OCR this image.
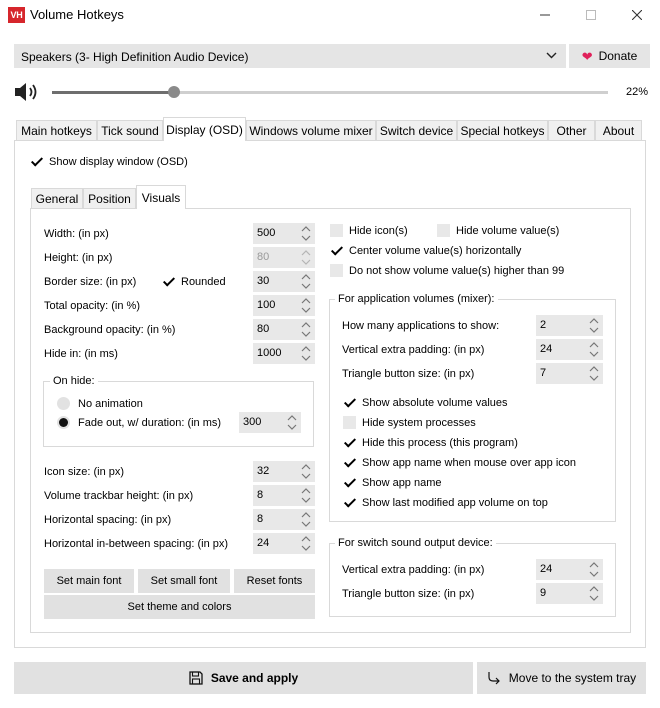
VH Volume Hotkeys
Speakers (3- High Definition Audio Device)	❤ Donate
22%
Main hotkeys Tick sound Display (OSD) Windows volume mixer Switch device Special hotkeys Other	About
Show display window (OSD)
General Position Visuals
Width: (in px)	500
Height: (in px)	80
Border size: (in px)	Rounded	30
Total opacity: (in %)	100
Background opacity: (in %)	80
Hide in: (in ms)	1000
On hide:
No animation
Fade out, w/ duration: (in ms) 300
Icon size: (in px)	32
Volume trackbar height: (in px)	8
Horizontal spacing: (in px)	8
Horizontal in-between spacing: (in px)	24
Set main font	Set small font	Reset fonts
Set theme and colors
Hide icon(s)	Hide volume value(s)
Center volume value(s) horizontally
Do not show volume value(s) higher than 99
For application volumes (mixer):
How many applications to show:	2
Vertical extra padding: (in px)	24
Triangle button size: (in px)	7
Show absolute volume values
Hide system processes
Hide this process (this program)
Show app name when mouse over app icon
Show app name
Show last modified app volume on top
For switch sound output device:
Vertical extra padding: (in px)	24
Triangle button size: (in px)	9
Save and apply	Move to the system tray
